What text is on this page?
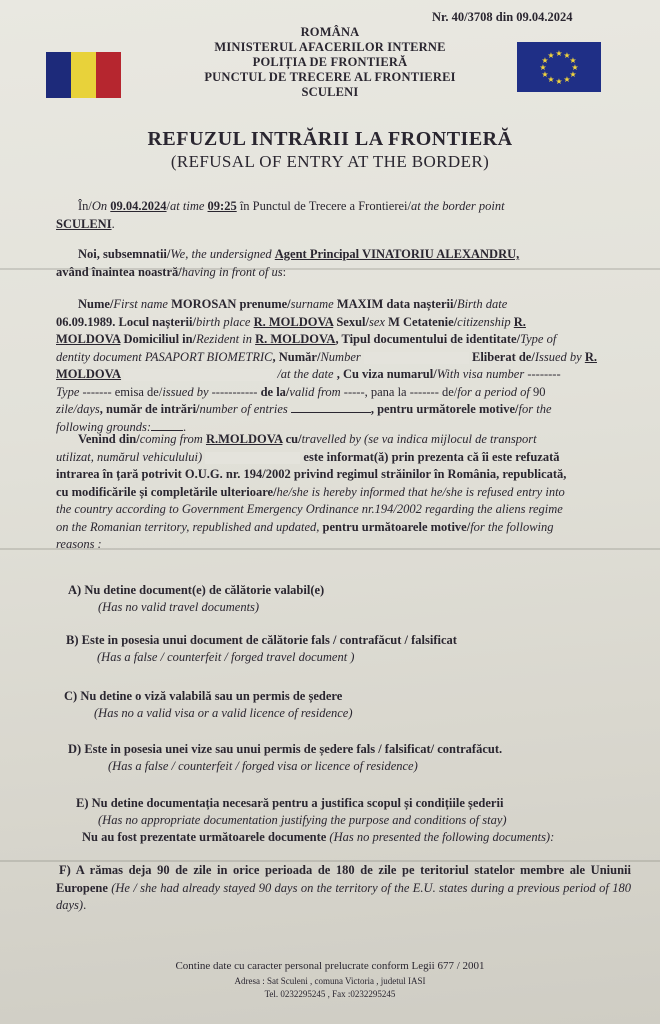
Nr. 40/3708 din 09.04.2024
★ ★
★
★
★
★
★
★
★
★
★
★
ROMÂNA
MINISTERUL AFACERILOR INTERNE
POLIȚIA DE FRONTIERĂ
PUNCTUL DE TRECERE AL FRONTIEREI
SCULENI
REFUZUL INTRĂRII LA FRONTIERĂ
(REFUSAL OF ENTRY AT THE BORDER)
În/On 09.04.2024/at time 09:25 în Punctul de Trecere a Frontierei/at the border point
SCULENI.
Noi, subsemnatii/We, the undersigned Agent Principal VINATORIU ALEXANDRU,
având înaintea noastră/having in front of us:
Nume/First name MOROSAN prenume/surname MAXIM data nașterii/Birth date
06.09.1989. Locul nașterii/birth place R. MOLDOVA Sexul/sex M Cetatenie/citizenship R.
MOLDOVA Domiciliul in/Rezident in R. MOLDOVA, Tipul documentului de identitate/Type of
dentity document PASAPORT BIOMETRIC, Număr/Number	Eliberat de/Issued by R.
MOLDOVA	/at the date , Cu viza numarul/With visa number --------
Type ------- emisa de/issued by ----------- de la/valid from -----, pana la ------- de/for a period of 90
zile/days, număr de intrări/number of entries	, pentru următorele motive/for the
following grounds:	.
Venind din/coming from R.MOLDOVA cu/travelled by (se va indica mijlocul de transport
utilizat, numărul vehiculului)	este informat(ă) prin prezenta că îi este refuzată
intrarea în țară potrivit O.U.G. nr. 194/2002 privind regimul străinilor în România, republicată,
cu modificările și completările ulterioare/he/she is hereby informed that he/she is refused entry into
the country according to Government Emergency Ordinance nr.194/2002 regarding the aliens regime
on the Romanian territory, republished and updated, pentru următoarele motive/for the following
reasons :
A) Nu detine document(e) de călătorie valabil(e)
(Has no valid travel documents)
B) Este in posesia unui document de călătorie fals / contrafăcut / falsificat
(Has a false / counterfeit / forged travel document )
C) Nu detine o viză valabilă sau un permis de ședere
(Has no a valid visa or a valid licence of residence)
D) Este in posesia unei vize sau unui permis de ședere fals / falsificat/ contrafăcut.
(Has a false / counterfeit / forged visa or licence of residence)
E) Nu detine documentația necesară pentru a justifica scopul și condițiile șederii
(Has no appropriate documentation justifying the purpose and conditions of stay)
Nu au fost prezentate următoarele documente (Has no presented the following documents):
F) A rămas deja 90 de zile in orice perioada de 180 de zile pe teritoriul statelor membre ale Uniunii Europene (He / she had already stayed 90 days on the territory of the E.U. states during a previous period of 180 days).
Contine date cu caracter personal prelucrate conform Legii 677 / 2001
Adresa : Sat Sculeni , comuna Victoria , judetul IASI
Tel. 0232295245 , Fax :0232295245
